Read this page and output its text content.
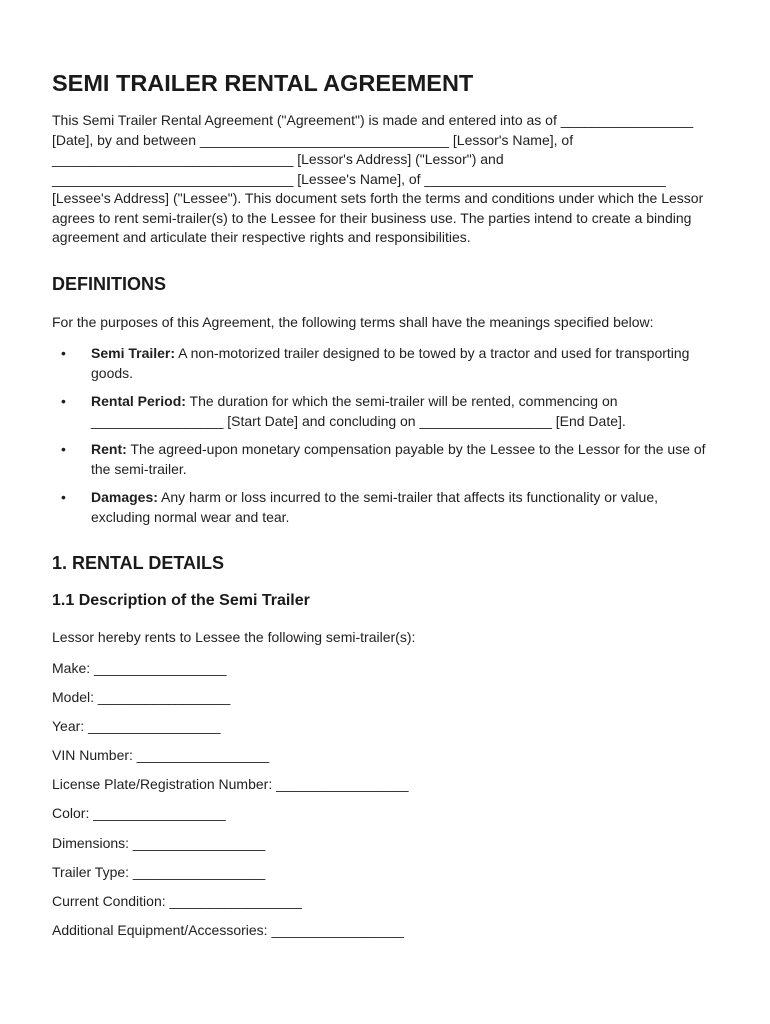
SEMI TRAILER RENTAL AGREEMENT

This Semi Trailer Rental Agreement ("Agreement") is made and entered into as of _________________ [Date], by and between ________________________________ [Lessor's Name], of _______________________________ [Lessor's Address] ("Lessor") and _______________________________ [Lessee's Name], of _______________________________ [Lessee's Address] ("Lessee"). This document sets forth the terms and conditions under which the Lessor agrees to rent semi-trailer(s) to the Lessee for their business use. The parties intend to create a binding agreement and articulate their respective rights and responsibilities.

DEFINITIONS

For the purposes of this Agreement, the following terms shall have the meanings specified below:

• Semi Trailer: A non-motorized trailer designed to be towed by a tractor and used for transporting goods.
• Rental Period: The duration for which the semi-trailer will be rented, commencing on _________________ [Start Date] and concluding on _________________ [End Date].
• Rent: The agreed-upon monetary compensation payable by the Lessee to the Lessor for the use of the semi-trailer.
• Damages: Any harm or loss incurred to the semi-trailer that affects its functionality or value, excluding normal wear and tear.
1. RENTAL DETAILS
1.1 Description of the Semi Trailer

Lessor hereby rents to Lessee the following semi-trailer(s):

Make: _________________

Model: _________________

Year: _________________

VIN Number: _________________

License Plate/Registration Number: _________________

Color: _________________

Dimensions: _________________

Trailer Type: _________________

Current Condition: _________________

Additional Equipment/Accessories: _________________
